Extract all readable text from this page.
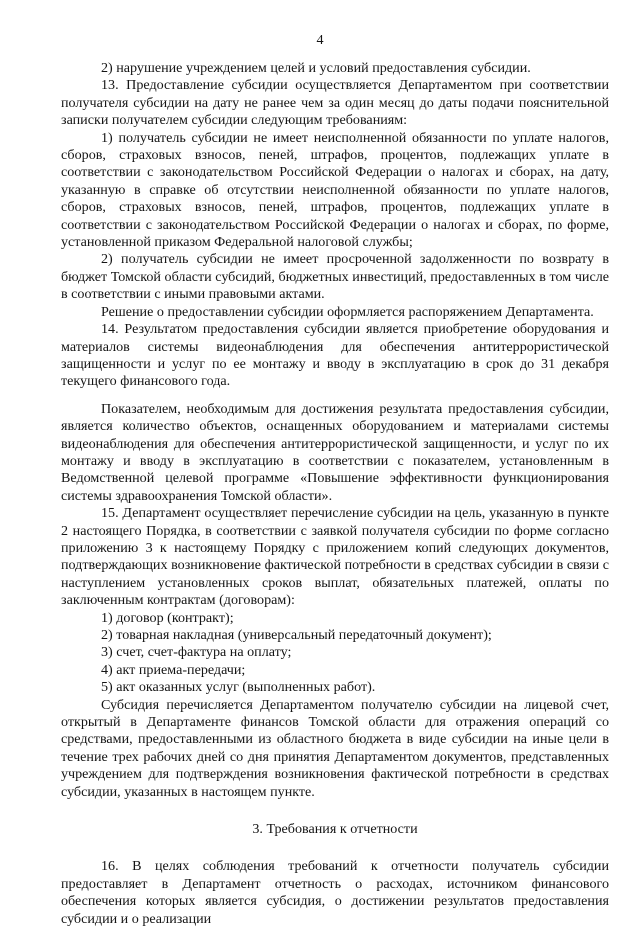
4

2) нарушение учреждением целей и условий предоставления субсидии.

13. Предоставление субсидии осуществляется Департаментом при соответствии получателя субсидии на дату не ранее чем за один месяц до даты подачи пояснительной записки получателем субсидии следующим требованиям:

1) получатель субсидии не имеет неисполненной обязанности по уплате налогов, сборов, страховых взносов, пеней, штрафов, процентов, подлежащих уплате в соответствии с законодательством Российской Федерации о налогах и сборах, на дату, указанную в справке об отсутствии неисполненной обязанности по уплате налогов, сборов, страховых взносов, пеней, штрафов, процентов, подлежащих уплате в соответствии с законодательством Российской Федерации о налогах и сборах, по форме, установленной приказом Федеральной налоговой службы;

2) получатель субсидии не имеет просроченной задолженности по возврату в бюджет Томской области субсидий, бюджетных инвестиций, предоставленных в том числе в соответствии с иными правовыми актами.

Решение о предоставлении субсидии оформляется распоряжением Департамента.

14. Результатом предоставления субсидии является приобретение оборудования и материалов системы видеонаблюдения для обеспечения антитеррористической защищенности и услуг по ее монтажу и вводу в эксплуатацию в срок до 31 декабря текущего финансового года.

Показателем, необходимым для достижения результата предоставления субсидии, является количество объектов, оснащенных оборудованием и материалами системы видеонаблюдения для обеспечения антитеррористической защищенности, и услуг по их монтажу и вводу в эксплуатацию в соответствии с показателем, установленным в Ведомственной целевой программе «Повышение эффективности функционирования системы здравоохранения Томской области».

15. Департамент осуществляет перечисление субсидии на цель, указанную в пункте 2 настоящего Порядка, в соответствии с заявкой получателя субсидии по форме согласно приложению 3 к настоящему Порядку с приложением копий следующих документов, подтверждающих возникновение фактической потребности в средствах субсидии в связи с наступлением установленных сроков выплат, обязательных платежей, оплаты по заключенным контрактам (договорам):

1) договор (контракт);

2) товарная накладная (универсальный передаточный документ);

3) счет, счет-фактура на оплату;

4) акт приема-передачи;

5) акт оказанных услуг (выполненных работ).

Субсидия перечисляется Департаментом получателю субсидии на лицевой счет, открытый в Департаменте финансов Томской области для отражения операций со средствами, предоставленными из областного бюджета в виде субсидии на иные цели в течение трех рабочих дней со дня принятия Департаментом документов, представленных учреждением для подтверждения возникновения фактической потребности в средствах субсидии, указанных в настоящем пункте.

3. Требования к отчетности

16. В целях соблюдения требований к отчетности получатель субсидии предоставляет в Департамент отчетность о расходах, источником финансового обеспечения которых является субсидия, о достижении результатов предоставления субсидии и о реализации
